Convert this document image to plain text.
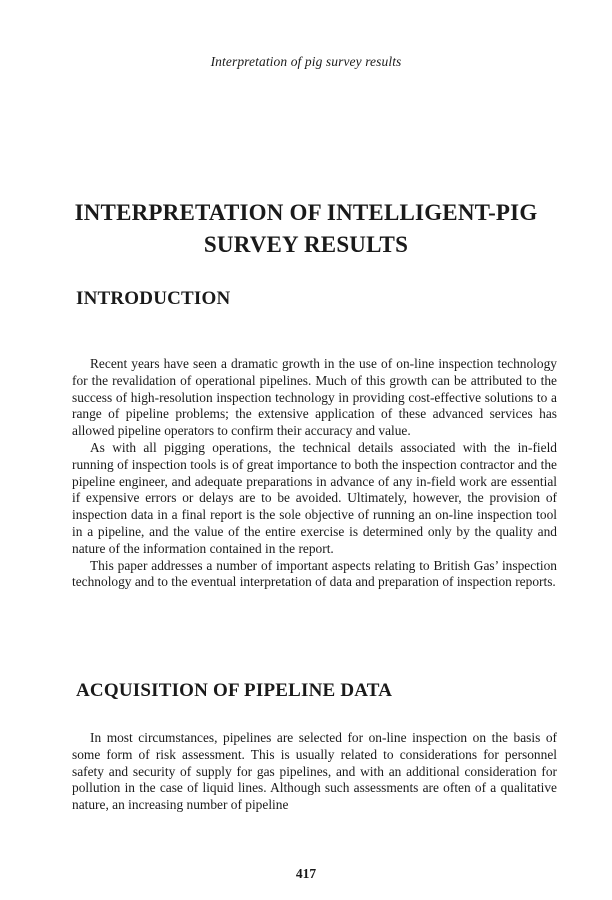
Interpretation of pig survey results
INTERPRETATION OF INTELLIGENT-PIG
SURVEY RESULTS
INTRODUCTION

Recent years have seen a dramatic growth in the use of on-line inspection technology for the revalidation of operational pipelines. Much of this growth can be attributed to the success of high-resolution inspection technology in providing cost-effective solutions to a range of pipeline problems; the extensive application of these advanced services has allowed pipeline operators to confirm their accuracy and value.

As with all pigging operations, the technical details associated with the in-field running of inspection tools is of great importance to both the inspection contractor and the pipeline engineer, and adequate preparations in advance of any in-field work are essential if expensive errors or delays are to be avoided. Ultimately, however, the provision of inspection data in a final report is the sole objective of running an on-line inspection tool in a pipeline, and the value of the entire exercise is determined only by the quality and nature of the information contained in the report.

This paper addresses a number of important aspects relating to British Gas’ inspection technology and to the eventual interpretation of data and preparation of inspection reports.

ACQUISITION OF PIPELINE DATA

In most circumstances, pipelines are selected for on-line inspection on the basis of some form of risk assessment. This is usually related to considerations for personnel safety and security of supply for gas pipelines, and with an additional consideration for pollution in the case of liquid lines. Although such assessments are often of a qualitative nature, an increasing number of pipeline

417
